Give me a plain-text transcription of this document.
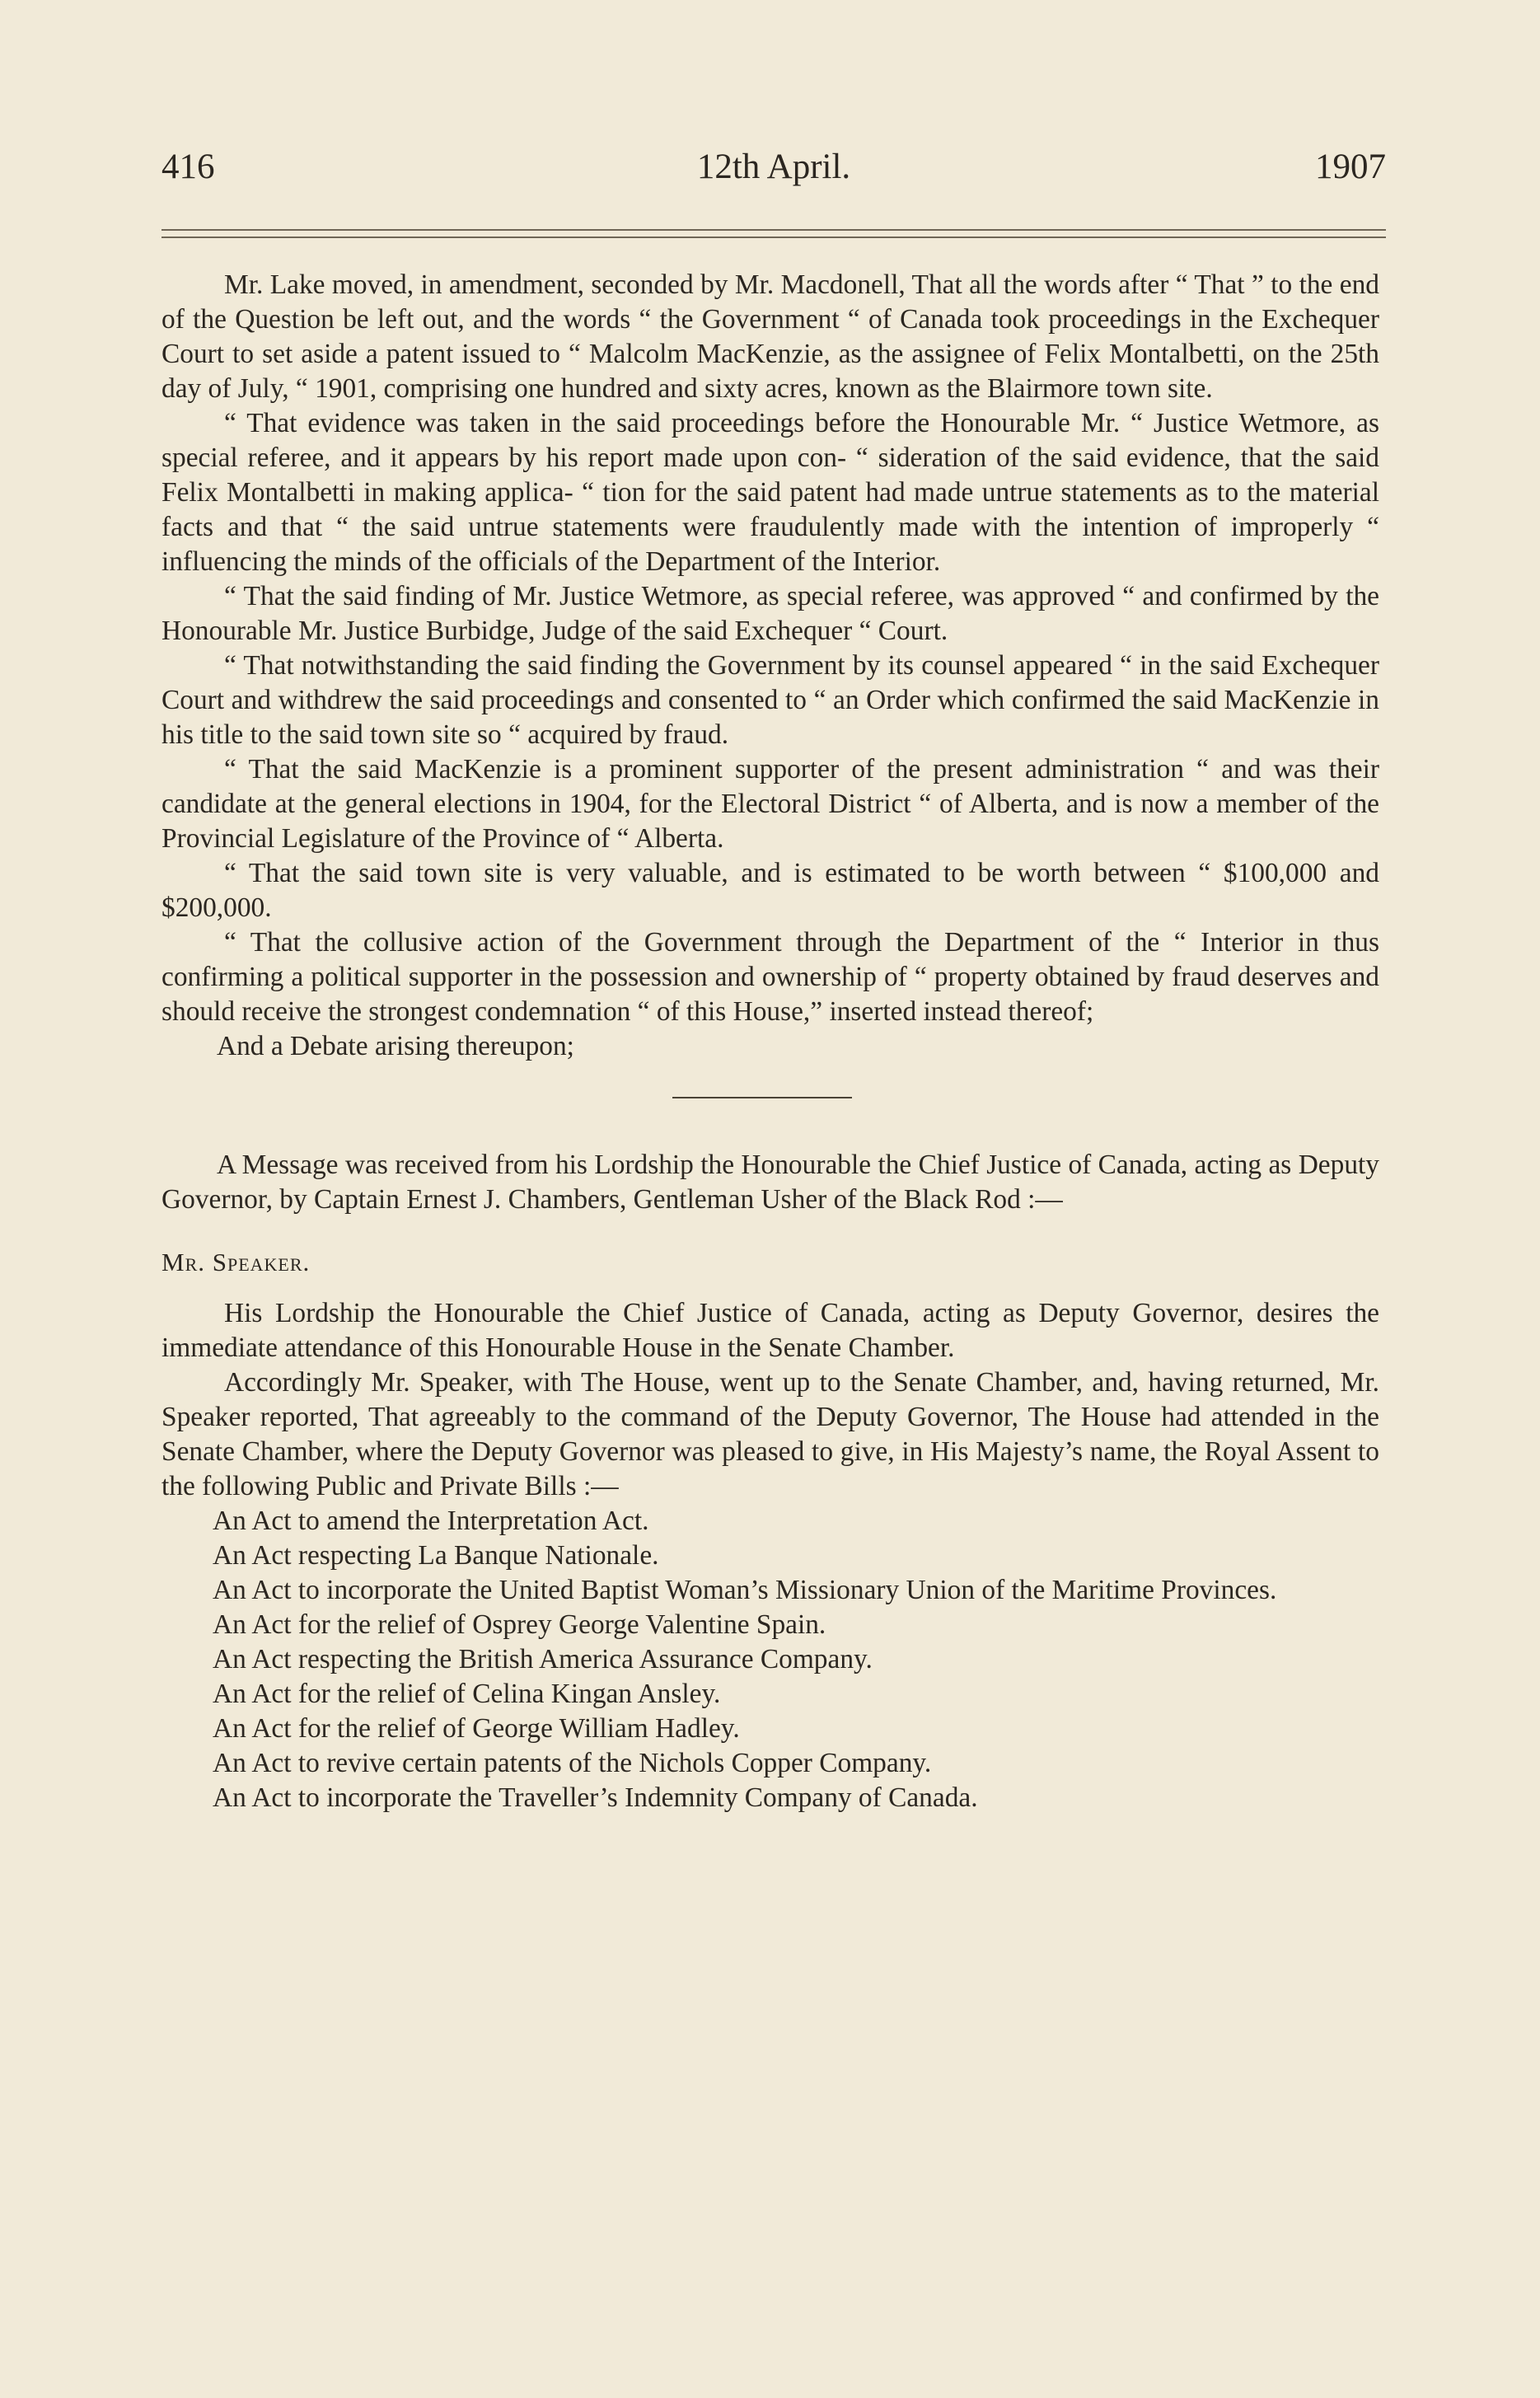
416	12th April.	1907

Mr. Lake moved, in amendment, seconded by Mr. Macdonell, That all the words after “ That ” to the end of the Question be left out, and the words “ the Government “ of Canada took proceedings in the Exchequer Court to set aside a patent issued to “ Malcolm MacKenzie, as the assignee of Felix Montalbetti, on the 25th day of July, “ 1901, comprising one hundred and sixty acres, known as the Blairmore town site.

“ That evidence was taken in the said proceedings before the Honourable Mr. “ Justice Wetmore, as special referee, and it appears by his report made upon con- “ sideration of the said evidence, that the said Felix Montalbetti in making applica- “ tion for the said patent had made untrue statements as to the material facts and that “ the said untrue statements were fraudulently made with the intention of improperly “ influencing the minds of the officials of the Department of the Interior.

“ That the said finding of Mr. Justice Wetmore, as special referee, was approved “ and confirmed by the Honourable Mr. Justice Burbidge, Judge of the said Exchequer “ Court.

“ That notwithstanding the said finding the Government by its counsel appeared “ in the said Exchequer Court and withdrew the said proceedings and consented to “ an Order which confirmed the said MacKenzie in his title to the said town site so “ acquired by fraud.

“ That the said MacKenzie is a prominent supporter of the present administration “ and was their candidate at the general elections in 1904, for the Electoral District “ of Alberta, and is now a member of the Provincial Legislature of the Province of “ Alberta.

“ That the said town site is very valuable, and is estimated to be worth between “ $100,000 and $200,000.

“ That the collusive action of the Government through the Department of the “ Interior in thus confirming a political supporter in the possession and ownership of “ property obtained by fraud deserves and should receive the strongest condemnation “ of this House,” inserted instead thereof;

And a Debate arising thereupon;

A Message was received from his Lordship the Honourable the Chief Justice of Canada, acting as Deputy Governor, by Captain Ernest J. Chambers, Gentleman Usher of the Black Rod :—

Mr. Speaker.

His Lordship the Honourable the Chief Justice of Canada, acting as Deputy Governor, desires the immediate attendance of this Honourable House in the Senate Chamber.

Accordingly Mr. Speaker, with The House, went up to the Senate Chamber, and, having returned, Mr. Speaker reported, That agreeably to the command of the Deputy Governor, The House had attended in the Senate Chamber, where the Deputy Governor was pleased to give, in His Majesty’s name, the Royal Assent to the following Public and Private Bills :—

An Act to amend the Interpretation Act.

An Act respecting La Banque Nationale.

An Act to incorporate the United Baptist Woman’s Missionary Union of the Maritime Provinces.

An Act for the relief of Osprey George Valentine Spain.

An Act respecting the British America Assurance Company.

An Act for the relief of Celina Kingan Ansley.

An Act for the relief of George William Hadley.

An Act to revive certain patents of the Nichols Copper Company.

An Act to incorporate the Traveller’s Indemnity Company of Canada.
